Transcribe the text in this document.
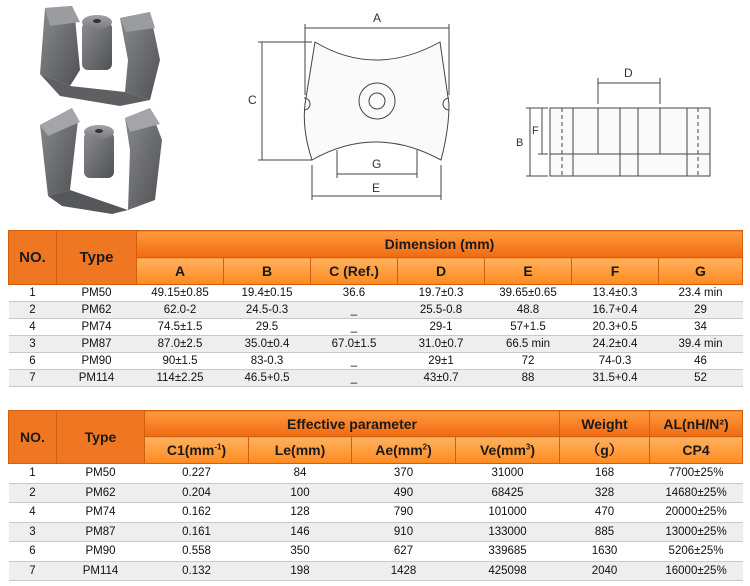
A
C
G
E
D
B
F
NO.	Type	Dimension (mm)						
		A	B	C (Ref.)	D	E	F	G
1	PM50	49.15±0.85	19.4±0.15	36.6	19.7±0.3	39.65±0.65	13.4±0.3	23.4 min
2	PM62	62.0-2	24.5-0.3	_	25.5-0.8	48.8	16.7+0.4	29
4	PM74	74.5±1.5	29.5	_	29-1	57+1.5	20.3+0.5	34
3	PM87	87.0±2.5	35.0±0.4	67.0±1.5	31.0±0.7	66.5 min	24.2±0.4	39.4 min
6	PM90	90±1.5	83-0.3	_	29±1	72	74-0.3	46
7	PM114	114±2.25	46.5+0.5	_	43±0.7	88	31.5+0.4	52
NO.	Type	Effective parameter				Weight	AL(nH/N²)
		$C1(mm^{-1})$	Le(mm)	$Ae(mm^2)$	$Ve(mm^3)$	（g）	CP4
1	PM50	0.227	84	370	31000	168	7700±25%
2	PM62	0.204	100	490	68425	328	14680±25%
4	PM74	0.162	128	790	101000	470	20000±25%
3	PM87	0.161	146	910	133000	885	13000±25%
6	PM90	0.558	350	627	339685	1630	5206±25%
7	PM114	0.132	198	1428	425098	2040	16000±25%
